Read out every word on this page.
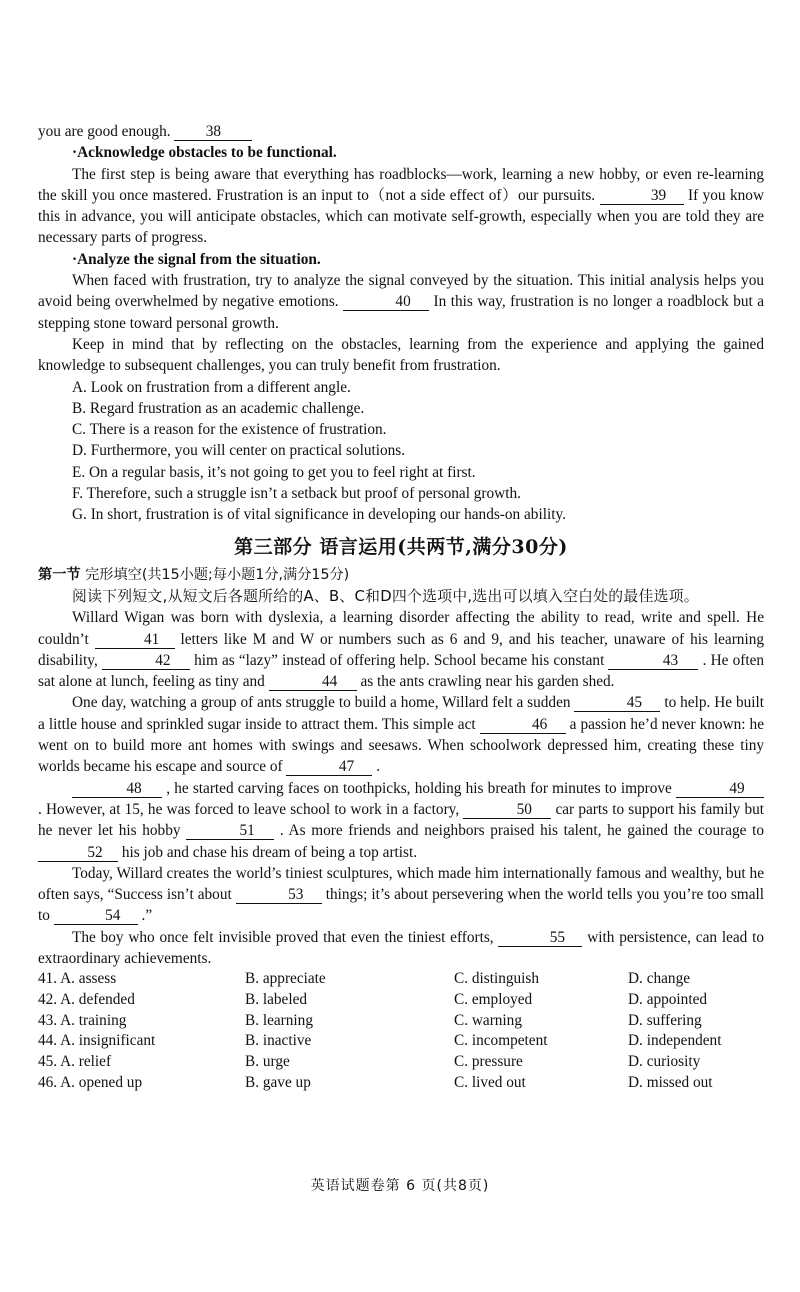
you are good enough. 38

·Acknowledge obstacles to be functional.

The first step is being aware that everything has roadblocks—work, learning a new hobby, or even re-learning the skill you once mastered. Frustration is an input to（not a side effect of）our pursuits.	39 If you know this in advance, you will anticipate obstacles, which can motivate self-growth, especially when you are told they are necessary parts of progress.

·Analyze the signal from the situation.

When faced with frustration, try to analyze the signal conveyed by the situation. This initial analysis helps you avoid being overwhelmed by negative emotions.	40 In this way, frustration is no longer a roadblock but a stepping stone toward personal growth.

Keep in mind that by reflecting on the obstacles, learning from the experience and applying the gained knowledge to subsequent challenges, you can truly benefit from frustration.

A. Look on frustration from a different angle.

B. Regard frustration as an academic challenge.

C. There is a reason for the existence of frustration.

D. Furthermore, you will center on practical solutions.

E. On a regular basis, it’s not going to get you to feel right at first.

F. Therefore, such a struggle isn’t a setback but proof of personal growth.

G. In short, frustration is of vital significance in developing our hands-on ability.

第三部分 语言运用(共两节,满分30分)

第一节 完形填空(共15小题;每小题1分,满分15分)

阅读下列短文,从短文后各题所给的A、B、C和D四个选项中,选出可以填入空白处的最佳选项。

Willard Wigan was born with dyslexia, a learning disorder affecting the ability to read, write and spell. He couldn’t	41 letters like M and W or numbers such as 6 and 9, and his teacher, unaware of his learning disability,	42 him as “lazy” instead of offering help. School became his constant	43 . He often sat alone at lunch, feeling as tiny and	44 as the ants crawling near his garden shed.

One day, watching a group of ants struggle to build a home, Willard felt a sudden	45 to help. He built a little house and sprinkled sugar inside to attract them. This simple act	46 a passion he’d never known: he went on to build more ant homes with swings and seesaws. When schoolwork depressed him, creating these tiny worlds became his escape and source of	47 .

48 , he started carving faces on toothpicks, holding his breath for minutes to improve	49 . However, at 15, he was forced to leave school to work in a factory,	50 car parts to support his family but he never let his hobby	51 . As more friends and neighbors praised his talent, he gained the courage to 52 his job and chase his dream of being a top artist.

Today, Willard creates the world’s tiniest sculptures, which made him internationally famous and wealthy, but he often says, “Success isn’t about	53 things; it’s about persevering when the world tells you you’re too small to	54 .”

The boy who once felt invisible proved that even the tiniest efforts,	55 with persistence, can lead to extraordinary achievements.

41. A. assess	B. appreciate	C. distinguish	D. change
42. A. defended	B. labeled	C. employed	D. appointed
43. A. training	B. learning	C. warning	D. suffering
44. A. insignificant	B. inactive	C. incompetent	D. independent
45. A. relief	B. urge	C. pressure	D. curiosity
46. A. opened up	B. gave up	C. lived out	D. missed out
英语试题卷第 6 页(共8页)
